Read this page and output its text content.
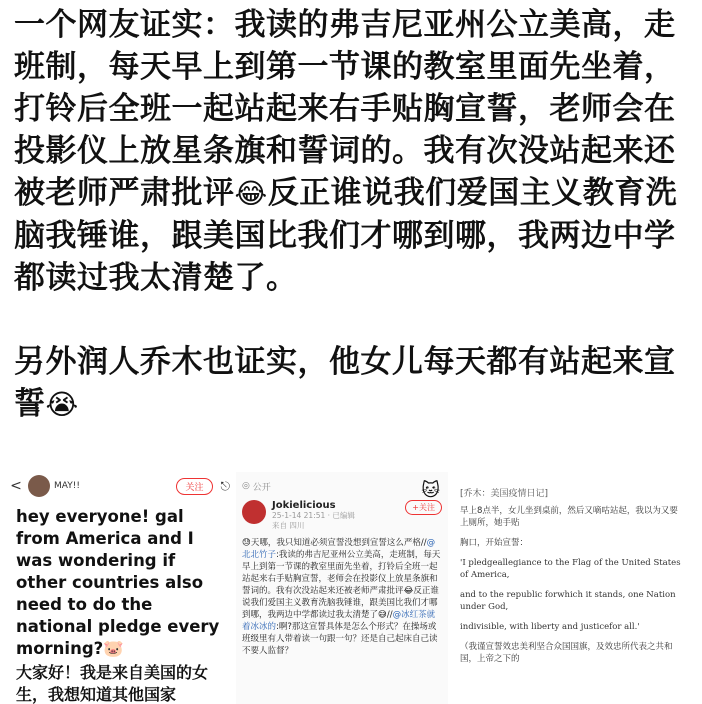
一个网友证实：我读的弗吉尼亚州公立美高，走班制，每天早上到第一节课的教室里面先坐着，打铃后全班一起站起来右手贴胸宣誓，老师会在投影仪上放星条旗和誓词的。我有次没站起来还被老师严肃批评😂反正谁说我们爱国主义教育洗脑我锤谁，跟美国比我们才哪到哪，我两边中学都读过我太清楚了。

另外润人乔木也证实，他女儿每天都有站起来宣誓😭

<	MAY!!	关注	⎋
hey everyone! gal from America and I was wondering if other countries also need to do the national pledge every morning?🐷
大家好！我是来自美国的女生，我想知道其他国家
◎ 公开	🐱
Jokielicious
25-1-14 21:51 · 已编辑
来自 四川
+关注
😓天哪，我只知道必须宣誓没想到宣誓这么严格//@北北竹子:我读的弗吉尼亚州公立美高，走班制，每天早上到第一节课的教室里面先坐着，打铃后全班一起站起来右手贴胸宣誓，老师会在投影仪上放星条旗和誓词的。我有次没站起来还被老师严肃批评😂反正谁说我们爱国主义教育洗脑我锤谁，跟美国比我们才哪到哪，我两边中学都读过我太清楚了😅//@冰红茶就着冰冰的:啊?那这宣誓具体是怎么个形式？在操场或班级里有人带着读一句跟一句？还是自己起床自己读不要人监督？
[乔木：美国疫情日记]

早上8点半，女儿坐到桌前，然后又嘀咕站起，我以为又要上厕所，她手贴

胸口，开始宣誓：

'I pledgeallegiance to the Flag of the United States of America,

and to the republic forwhich it stands, one Nation under God,

indivisible, with liberty and justicefor all.'

（我谨宣誓效忠美利坚合众国国旗，及效忠所代表之共和国，上帝之下的
